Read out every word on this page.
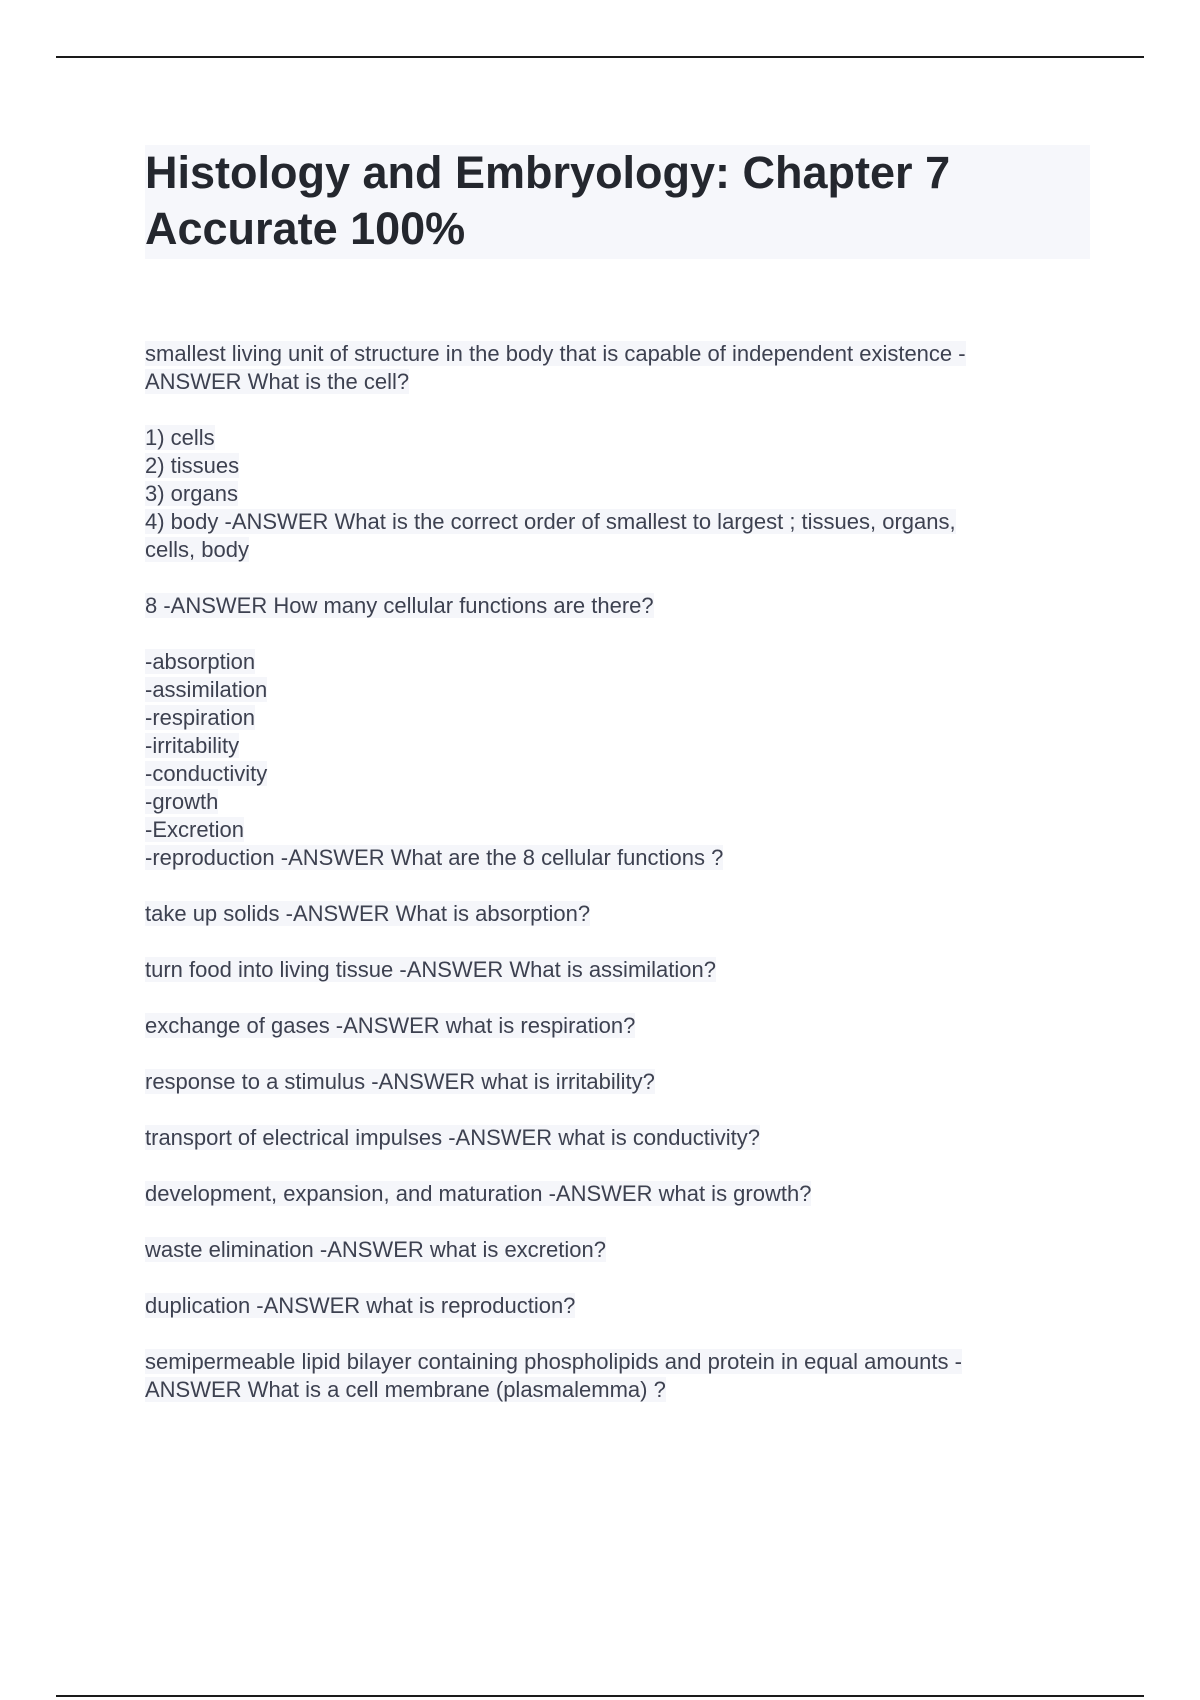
Histology and Embryology: Chapter 7
Accurate 100%
smallest living unit of structure in the body that is capable of independent existence -
ANSWER What is the cell?
1) cells
2) tissues
3) organs
4) body -ANSWER What is the correct order of smallest to largest ; tissues, organs,
cells, body
8 -ANSWER How many cellular functions are there?
-absorption
-assimilation
-respiration
-irritability
-conductivity
-growth
-Excretion
-reproduction -ANSWER What are the 8 cellular functions ?
take up solids -ANSWER What is absorption?
turn food into living tissue -ANSWER What is assimilation?
exchange of gases -ANSWER what is respiration?
response to a stimulus -ANSWER what is irritability?
transport of electrical impulses -ANSWER what is conductivity?
development, expansion, and maturation -ANSWER what is growth?
waste elimination -ANSWER what is excretion?
duplication -ANSWER what is reproduction?
semipermeable lipid bilayer containing phospholipids and protein in equal amounts -
ANSWER What is a cell membrane (plasmalemma) ?
